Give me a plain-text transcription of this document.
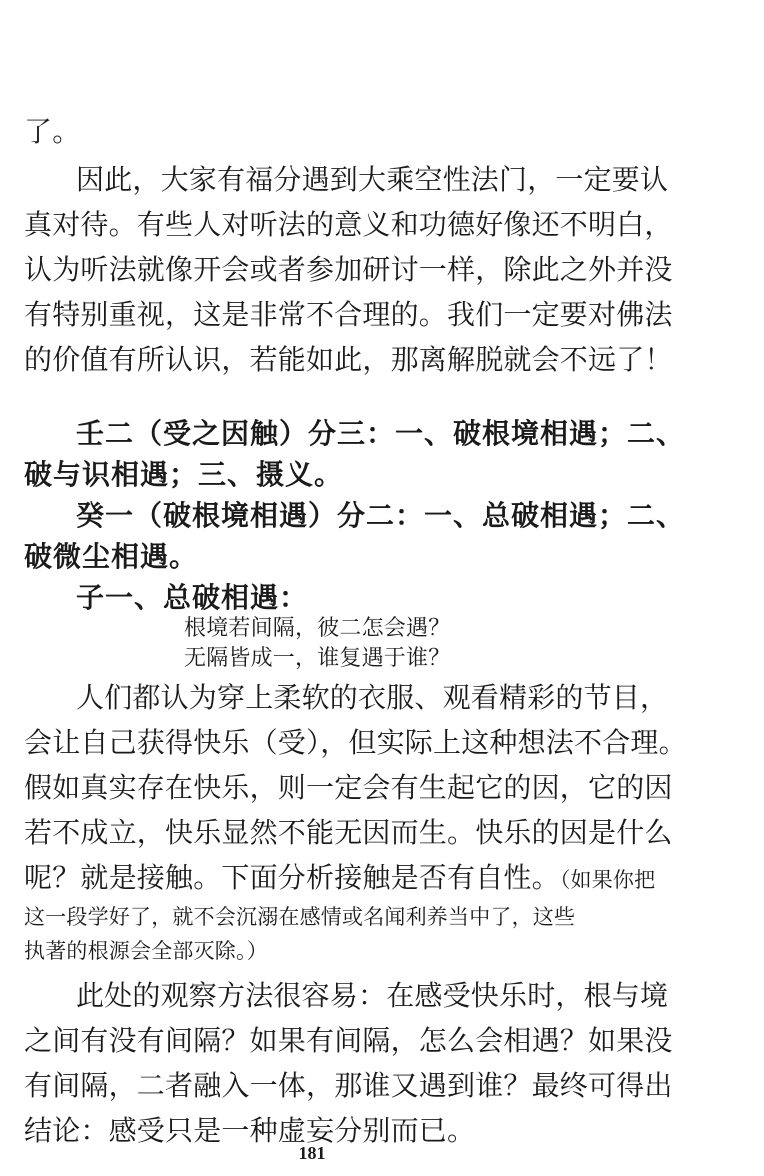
了。
因此，大家有福分遇到大乘空性法门，一定要认
真对待。有些人对听法的意义和功德好像还不明白，
认为听法就像开会或者参加研讨一样，除此之外并没
有特别重视，这是非常不合理的。我们一定要对佛法
的价值有所认识，若能如此，那离解脱就会不远了！
壬二（受之因触）分三：一、破根境相遇；二、
破与识相遇；三、摄义。
癸一（破根境相遇）分二：一、总破相遇；二、
破微尘相遇。
子一、总破相遇：
根境若间隔，彼二怎会遇？
无隔皆成一，谁复遇于谁？
人们都认为穿上柔软的衣服、观看精彩的节目，
会让自己获得快乐（受），但实际上这种想法不合理。
假如真实存在快乐，则一定会有生起它的因，它的因
若不成立，快乐显然不能无因而生。快乐的因是什么
呢？就是接触。下面分析接触是否有自性。（如果你把
这一段学好了，就不会沉溺在感情或名闻利养当中了，这些
执著的根源会全部灭除。）
此处的观察方法很容易：在感受快乐时，根与境
之间有没有间隔？如果有间隔，怎么会相遇？如果没
有间隔，二者融入一体，那谁又遇到谁？最终可得出
结论：感受只是一种虚妄分别而已。
181
